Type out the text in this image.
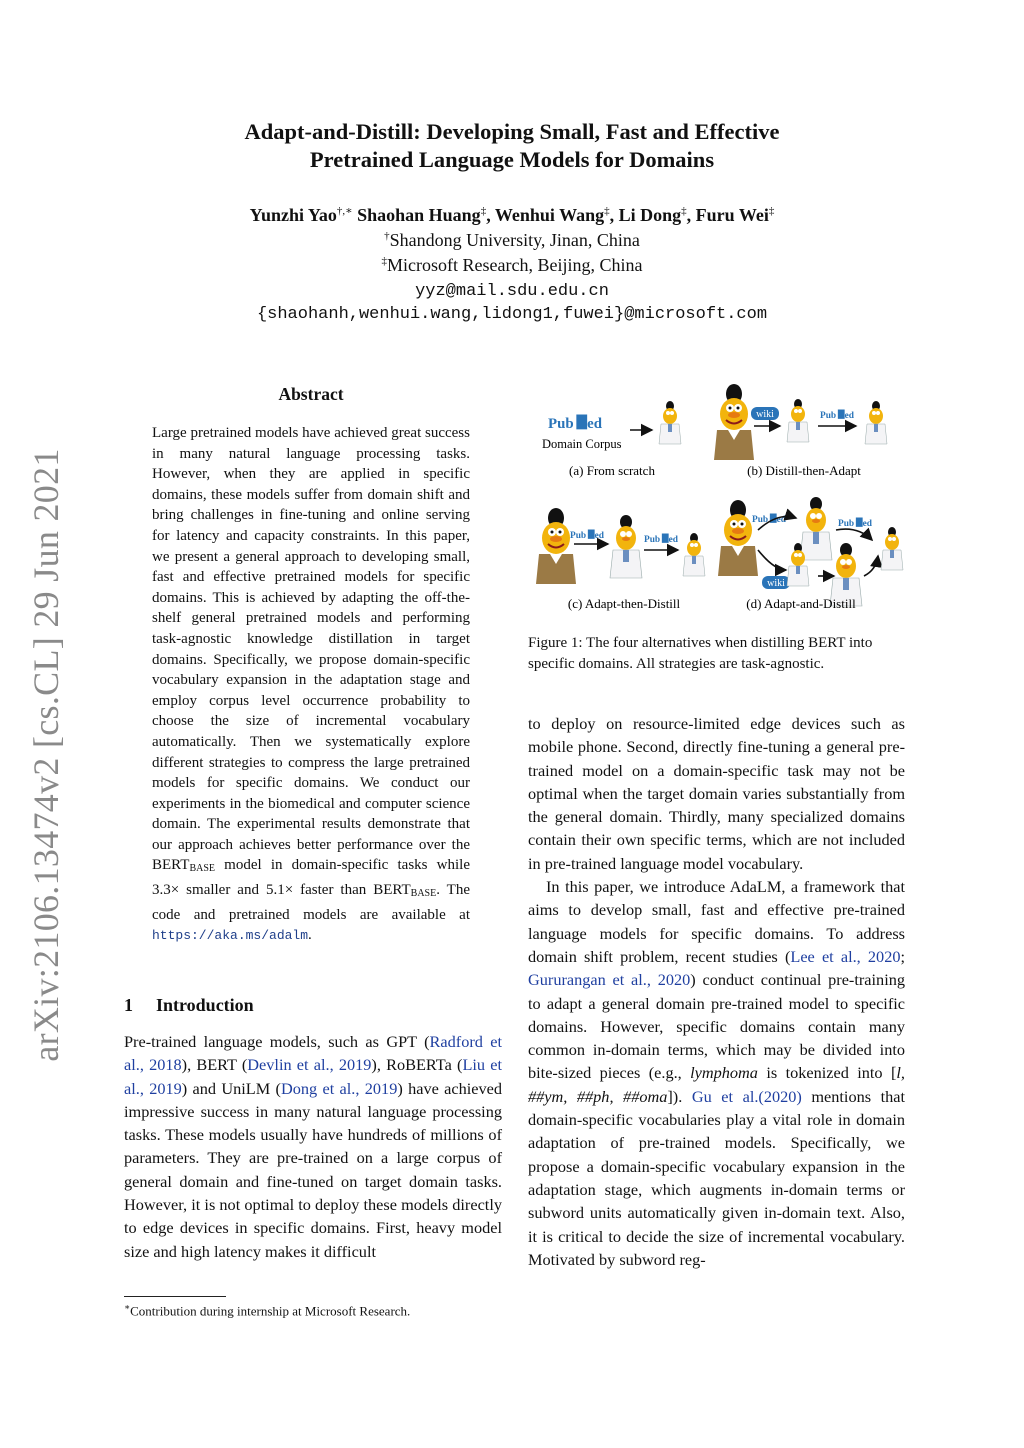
Adapt-and-Distill: Developing Small, Fast and Effective
Pretrained Language Models for Domains
Yunzhi Yao†,∗ Shaohan Huang‡, Wenhui Wang‡, Li Dong‡, Furu Wei‡
†Shandong University, Jinan, China
‡Microsoft Research, Beijing, China
yyz@mail.sdu.edu.cn
{shaohanh,wenhui.wang,lidong1,fuwei}@microsoft.com
arXiv:2106.13474v2 [cs.CL] 29 Jun 2021
Abstract
Large pretrained models have achieved great success in many natural language processing tasks. However, when they are applied in specific domains, these models suffer from domain shift and bring challenges in fine-tuning and online serving for latency and capacity constraints. In this paper, we present a general approach to developing small, fast and effective pretrained models for specific domains. This is achieved by adapting the off-the-shelf general pretrained models and performing task-agnostic knowledge distillation in target domains. Specifically, we propose domain-specific vocabulary expansion in the adaptation stage and employ corpus level occurrence probability to choose the size of incremental vocabulary automatically. Then we systematically explore different strategies to compress the large pretrained models for specific domains. We conduct our experiments in the biomedical and computer science domain. The experimental results demonstrate that our approach achieves better performance over the $BERT_{BASE}$ model in domain-specific tasks while 3.3× smaller and 5.1× faster than $BERT_{BASE}$. The code and pretrained models are available at https://aka.ms/adalm.
1 Introduction

Pre-trained language models, such as GPT (Radford et al., 2018), BERT (Devlin et al., 2019), RoBERTa (Liu et al., 2019) and UniLM (Dong et al., 2019) have achieved impressive success in many natural language processing tasks. These models usually have hundreds of millions of parameters. They are pre-trained on a large corpus of general domain and fine-tuned on target domain tasks. However, it is not optimal to deploy these models directly to edge devices in specific domains. First, heavy model size and high latency makes it difficult

∗Contribution during internship at Microsoft Research.
Pub ed
Domain Corpus
(a) From scratch
wiki
(b) Distill-then-Adapt
(c) Adapt-then-Distill
wiki
(d) Adapt-and-Distill
Figure 1: The four alternatives when distilling BERT into specific domains. All strategies are task-agnostic.

to deploy on resource-limited edge devices such as mobile phone. Second, directly fine-tuning a general pre-trained model on a domain-specific task may not be optimal when the target domain varies substantially from the general domain. Thirdly, many specialized domains contain their own specific terms, which are not included in pre-trained language model vocabulary.

In this paper, we introduce AdaLM, a framework that aims to develop small, fast and effective pre-trained language models for specific domains. To address domain shift problem, recent studies (Lee et al., 2020; Gururangan et al., 2020) conduct continual pre-training to adapt a general domain pre-trained model to specific domains. However, specific domains contain many common in-domain terms, which may be divided into bite-sized pieces (e.g., lymphoma is tokenized into [l, ##ym, ##ph, ##oma]). Gu et al.(2020) mentions that domain-specific vocabularies play a vital role in domain adaptation of pre-trained models. Specifically, we propose a domain-specific vocabulary expansion in the adaptation stage, which augments in-domain terms or subword units automatically given in-domain text. Also, it is critical to decide the size of incremental vocabulary. Motivated by subword reg-
